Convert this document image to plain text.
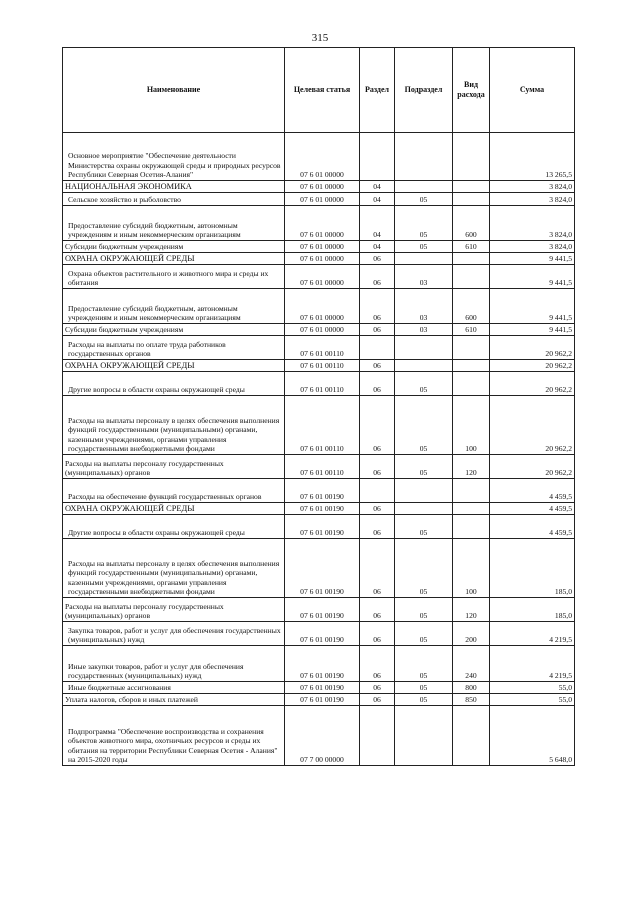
315
Наименование	Целевая статья	Раздел	Подраздел	Вид расхода	Сумма
Основное мероприятие "Обеспечение деятельности Министерства охраны окружающей среды и природных ресурсов Республики Северная Осетия-Алания"	07 6 01 00000				13 265,5
НАЦИОНАЛЬНАЯ ЭКОНОМИКА	07 6 01 00000	04			3 824,0
Сельское хозяйство и рыболовство	07 6 01 00000	04	05		3 824,0
Предоставление субсидий бюджетным, автономным учреждениям и иным некоммерческим организациям	07 6 01 00000	04	05	600	3 824,0
Субсидии бюджетным учреждениям	07 6 01 00000	04	05	610	3 824,0
ОХРАНА ОКРУЖАЮЩЕЙ СРЕДЫ	07 6 01 00000	06			9 441,5
Охрана объектов растительного и животного мира и среды их обитания	07 6 01 00000	06	03		9 441,5
Предоставление субсидий бюджетным, автономным учреждениям и иным некоммерческим организациям	07 6 01 00000	06	03	600	9 441,5
Субсидии бюджетным учреждениям	07 6 01 00000	06	03	610	9 441,5
Расходы на выплаты по оплате труда работников государственных органов	07 6 01 00110				20 962,2
ОХРАНА ОКРУЖАЮЩЕЙ СРЕДЫ	07 6 01 00110	06			20 962,2
Другие вопросы в области охраны окружающей среды	07 6 01 00110	06	05		20 962,2
Расходы на выплаты персоналу в целях обеспечения выполнения функций государственными (муниципальными) органами, казенными учреждениями, органами управления государственными внебюджетными фондами	07 6 01 00110	06	05	100	20 962,2
Расходы на выплаты персоналу государственных (муниципальных) органов	07 6 01 00110	06	05	120	20 962,2
Расходы на обеспечение функций государственных органов	07 6 01 00190				4 459,5
ОХРАНА ОКРУЖАЮЩЕЙ СРЕДЫ	07 6 01 00190	06			4 459,5
Другие вопросы в области охраны окружающей среды	07 6 01 00190	06	05		4 459,5
Расходы на выплаты персоналу в целях обеспечения выполнения функций государственными (муниципальными) органами, казенными учреждениями, органами управления государственными внебюджетными фондами	07 6 01 00190	06	05	100	185,0
Расходы на выплаты персоналу государственных (муниципальных) органов	07 6 01 00190	06	05	120	185,0
Закупка товаров, работ и услуг для обеспечения государственных (муниципальных) нужд	07 6 01 00190	06	05	200	4 219,5
Иные закупки товаров, работ и услуг для обеспечения государственных (муниципальных) нужд	07 6 01 00190	06	05	240	4 219,5
Иные бюджетные ассигнования	07 6 01 00190	06	05	800	55,0
Уплата налогов, сборов и иных платежей	07 6 01 00190	06	05	850	55,0
Подпрограмма "Обеспечение воспроизводства и сохранения объектов животного мира, охотничьих ресурсов и среды их обитания на территории Республики Северная Осетия - Алания" на 2015-2020 годы	07 7 00 00000				5 648,0
